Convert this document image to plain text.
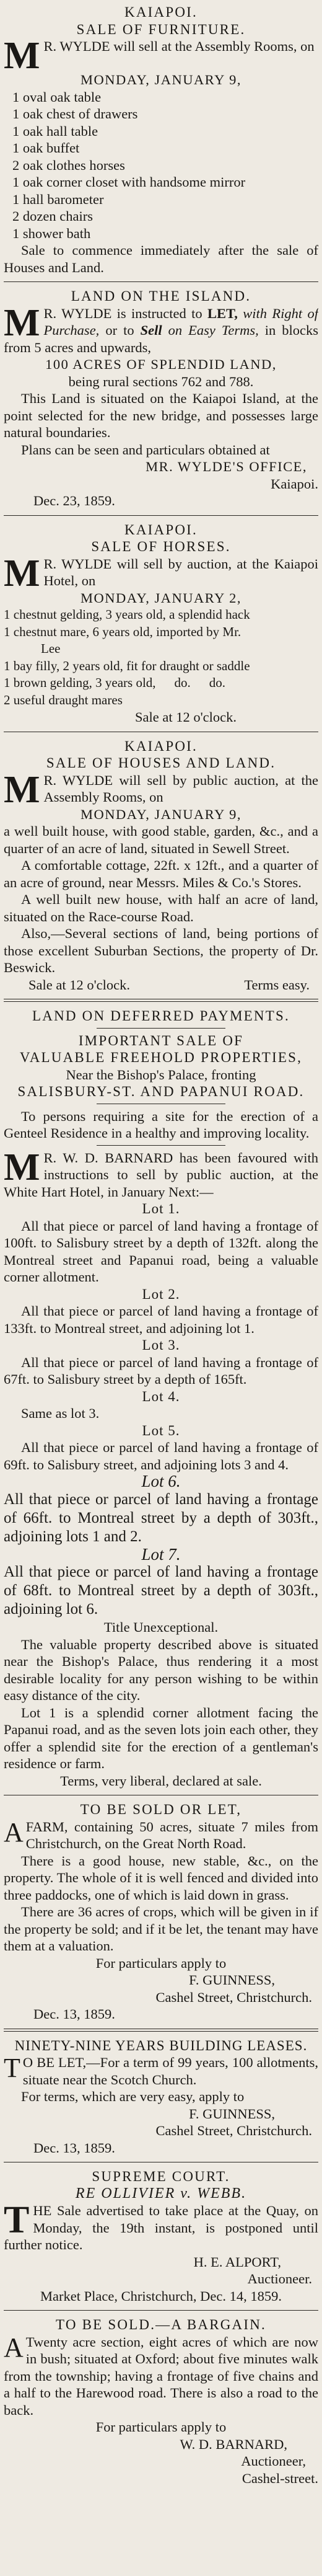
KAIAPOI.
SALE OF FURNITURE.
M R. WYLDE will sell at the Assembly Rooms, on
MONDAY, JANUARY 9,
1 oval oak table
1 oak chest of drawers
1 oak hall table
1 oak buffet
2 oak clothes horses
1 oak corner closet with handsome mirror
1 hall barometer
2 dozen chairs
1 shower bath
Sale to commence immediately after the sale of Houses and Land.
LAND ON THE ISLAND.
M R. WYLDE is instructed to LET, with Right of Purchase, or to Sell on Easy Terms, in blocks from 5 acres and upwards,
100 ACRES OF SPLENDID LAND,
being rural sections 762 and 788.
This Land is situated on the Kaiapoi Island, at the point selected for the new bridge, and possesses large natural boundaries.
Plans can be seen and particulars obtained at
MR. WYLDE'S OFFICE,
Kaiapoi.
Dec. 23, 1859.
KAIAPOI.
SALE OF HORSES.
M R. WYLDE will sell by auction, at the Kaiapoi Hotel, on
MONDAY, JANUARY 2,
1 chestnut gelding, 3 years old, a splendid hack
1 chestnut mare, 6 years old, imported by Mr.
Lee
1 bay filly, 2 years old, fit for draught or saddle
1 brown gelding, 3 years old, do. do.
2 useful draught mares
Sale at 12 o'clock.
KAIAPOI.
SALE OF HOUSES AND LAND.
M R. WYLDE will sell by public auction, at the Assembly Rooms, on
MONDAY, JANUARY 9,
a well built house, with good stable, garden, &c., and a quarter of an acre of land, situated in Sewell Street.
A comfortable cottage, 22ft. x 12ft., and a quarter of an acre of ground, near Messrs. Miles & Co.'s Stores.
A well built new house, with half an acre of land, situated on the Race-course Road.
Also,—Several sections of land, being portions of those excellent Suburban Sections, the property of Dr. Beswick.
Sale at 12 o'clock.	Terms easy.
LAND ON DEFERRED PAYMENTS.
IMPORTANT SALE OF
VALUABLE FREEHOLD PROPERTIES,
Near the Bishop's Palace, fronting
SALISBURY-ST. AND PAPANUI ROAD.
To persons requiring a site for the erection of a Genteel Residence in a healthy and improving locality.
M R. W. D. BARNARD has been favoured with instructions to sell by public auction, at the White Hart Hotel, in January Next:—
Lot 1.
All that piece or parcel of land having a frontage of 100ft. to Salisbury street by a depth of 132ft. along the Montreal street and Papanui road, being a valuable corner allotment.
Lot 2.
All that piece or parcel of land having a frontage of 133ft. to Montreal street, and adjoining lot 1.
Lot 3.
All that piece or parcel of land having a frontage of 67ft. to Salisbury street by a depth of 165ft.
Lot 4.
Same as lot 3.
Lot 5.
All that piece or parcel of land having a frontage of 69ft. to Salisbury street, and adjoining lots 3 and 4.
Lot 6.
All that piece or parcel of land having a frontage of 66ft. to Montreal street by a depth of 303ft., adjoining lots 1 and 2.
Lot 7.
All that piece or parcel of land having a frontage of 68ft. to Montreal street by a depth of 303ft., adjoining lot 6.
Title Unexceptional.
The valuable property described above is situated near the Bishop's Palace, thus rendering it a most desirable locality for any person wishing to be within easy distance of the city.
Lot 1 is a splendid corner allotment facing the Papanui road, and as the seven lots join each other, they offer a splendid site for the erection of a gentleman's residence or farm.
Terms, very liberal, declared at sale.
TO BE SOLD OR LET,
A FARM, containing 50 acres, situate 7 miles from Christchurch, on the Great North Road.
There is a good house, new stable, &c., on the property. The whole of it is well fenced and divided into three paddocks, one of which is laid down in grass.
There are 36 acres of crops, which will be given in if the property be sold; and if it be let, the tenant may have them at a valuation.
For particulars apply to
F. GUINNESS,
Cashel Street, Christchurch.
Dec. 13, 1859.
NINETY-NINE YEARS BUILDING LEASES.
T O BE LET,—For a term of 99 years, 100 allotments, situate near the Scotch Church.
For terms, which are very easy, apply to
F. GUINNESS,
Cashel Street, Christchurch.
Dec. 13, 1859.
SUPREME COURT.
RE OLLIVIER v. WEBB.
T HE Sale advertised to take place at the Quay, on Monday, the 19th instant, is postponed until further notice.
H. E. ALPORT,
Auctioneer.
Market Place, Christchurch, Dec. 14, 1859.
TO BE SOLD.—A BARGAIN.
A Twenty acre section, eight acres of which are now in bush; situated at Oxford; about five minutes walk from the township; having a frontage of five chains and a half to the Harewood road. There is also a road to the back.
For particulars apply to
W. D. BARNARD,
Auctioneer,
Cashel-street.
